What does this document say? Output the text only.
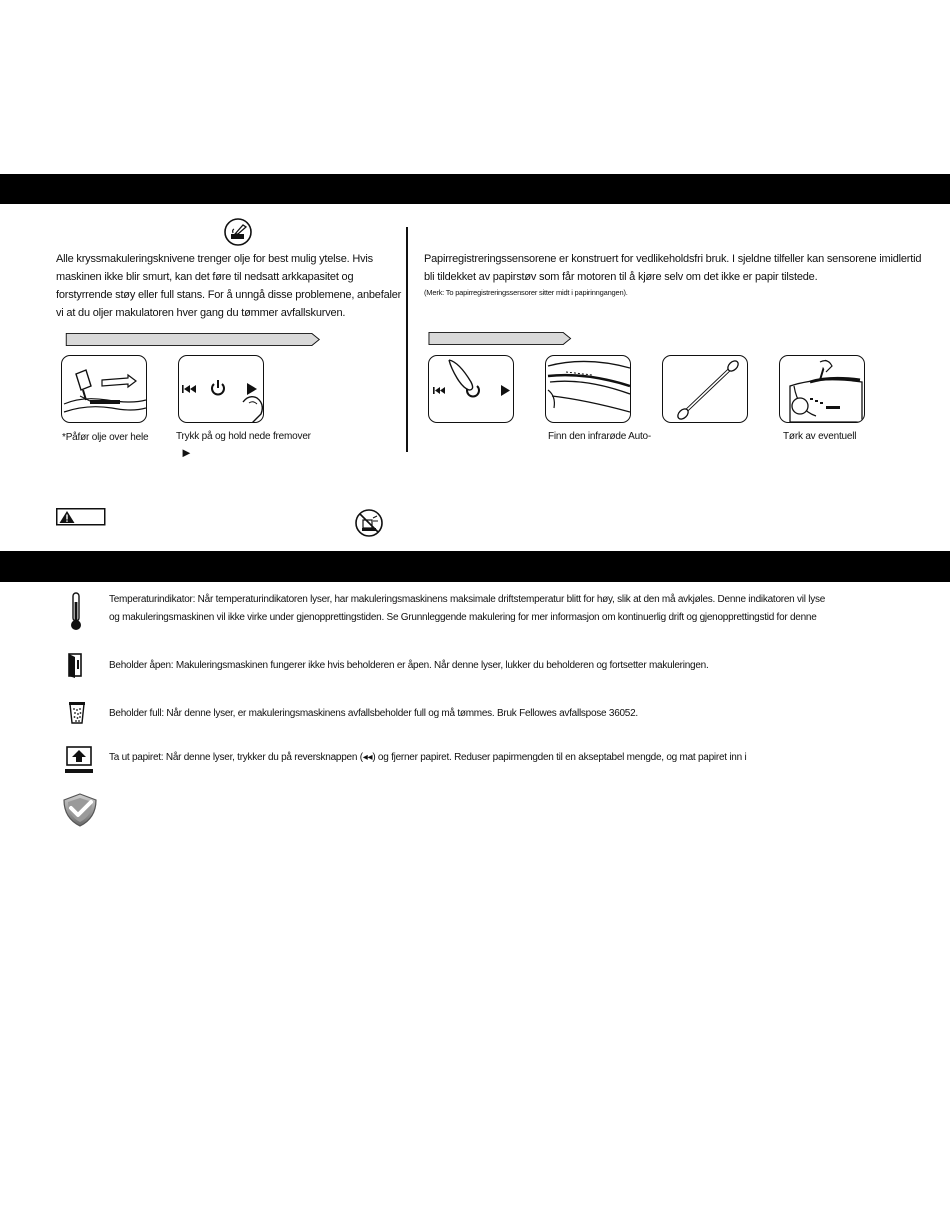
Alle kryssmakuleringsknivene trenger olje for best mulig ytelse. Hvis
maskinen ikke blir smurt, kan det føre til nedsatt arkkapasitet og
forstyrrende støy eller full stans. For å unngå disse problemene, anbefaler
vi at du oljer makulatoren hver gang du tømmer avfallskurven.
*Påfør olje over hele	Trykk på og hold nede fremover
►
Papirregistreringssensorene er konstruert for vedlikeholdsfri bruk. I sjeldne tilfeller kan sensorene imidlertid
bli tildekket av papirstøv som får motoren til å kjøre selv om det ikke er papir tilstede.
(Merk: To papirregistreringssensorer sitter midt i papirinngangen).
Finn den infrarøde Auto-	Tørk av eventuell
Temperaturindikator: Når temperaturindikatoren lyser, har makuleringsmaskinens maksimale driftstemperatur blitt for høy, slik at den må avkjøles. Denne indikatoren vil lyse
og makuleringsmaskinen vil ikke virke under gjenopprettingstiden. Se Grunnleggende makulering for mer informasjon om kontinuerlig drift og gjenopprettingstid for denne
Beholder åpen: Makuleringsmaskinen fungerer ikke hvis beholderen er åpen. Når denne lyser, lukker du beholderen og fortsetter makuleringen.
Beholder full: Når denne lyser, er makuleringsmaskinens avfallsbeholder full og må tømmes. Bruk Fellowes avfallspose 36052.
Ta ut papiret: Når denne lyser, trykker du på reversknappen (◂◂) og fjerner papiret. Reduser papirmengden til en akseptabel mengde, og mat papiret inn i
